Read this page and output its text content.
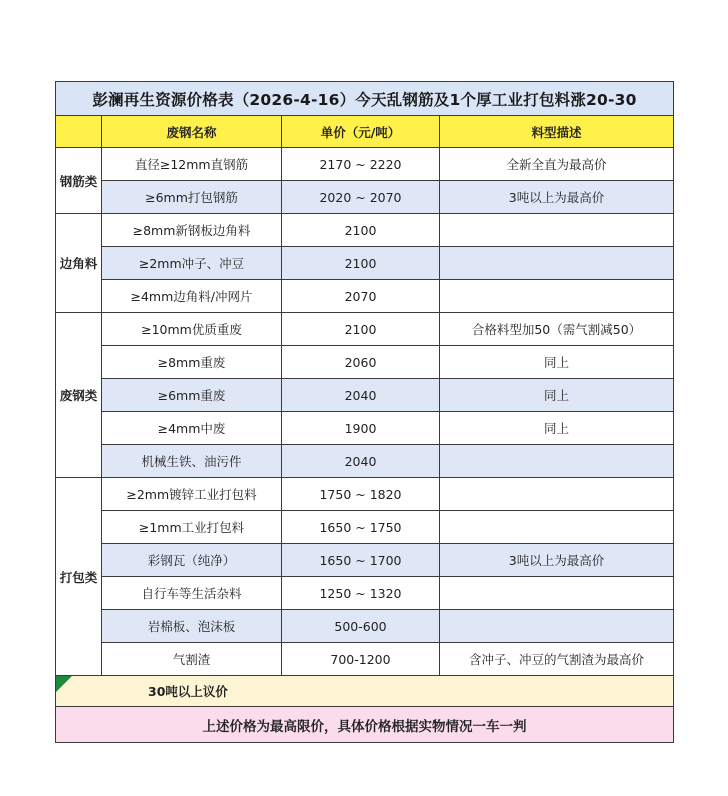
彭澜再生资源价格表（2026-4-16）今天乱钢筋及1个厚工业打包料涨20-30			
	废钢名称	单价（元/吨）	料型描述
钢筋类	直径≥12mm直钢筋	2170 ~ 2220	全新全直为最高价
	≥6mm打包钢筋	2020 ~ 2070	3吨以上为最高价
边角料	≥8mm新钢板边角料	2100	
	≥2mm冲子、冲豆	2100	
	≥4mm边角料/冲网片	2070	
废钢类	≥10mm优质重废	2100	合格料型加50（需气割减50）
	≥8mm重废	2060	同上
	≥6mm重废	2040	同上
	≥4mm中废	1900	同上
	机械生铁、油污件	2040	
打包类	≥2mm镀锌工业打包料	1750 ~ 1820	
	≥1mm工业打包料	1650 ~ 1750	
	彩钢瓦（纯净）	1650 ~ 1700	3吨以上为最高价
	自行车等生活杂料	1250 ~ 1320	
	岩棉板、泡沫板	500-600	
	气割渣	700-1200	含冲子、冲豆的气割渣为最高价

30吨以上议价			
上述价格为最高限价，具体价格根据实物情况一车一判			
